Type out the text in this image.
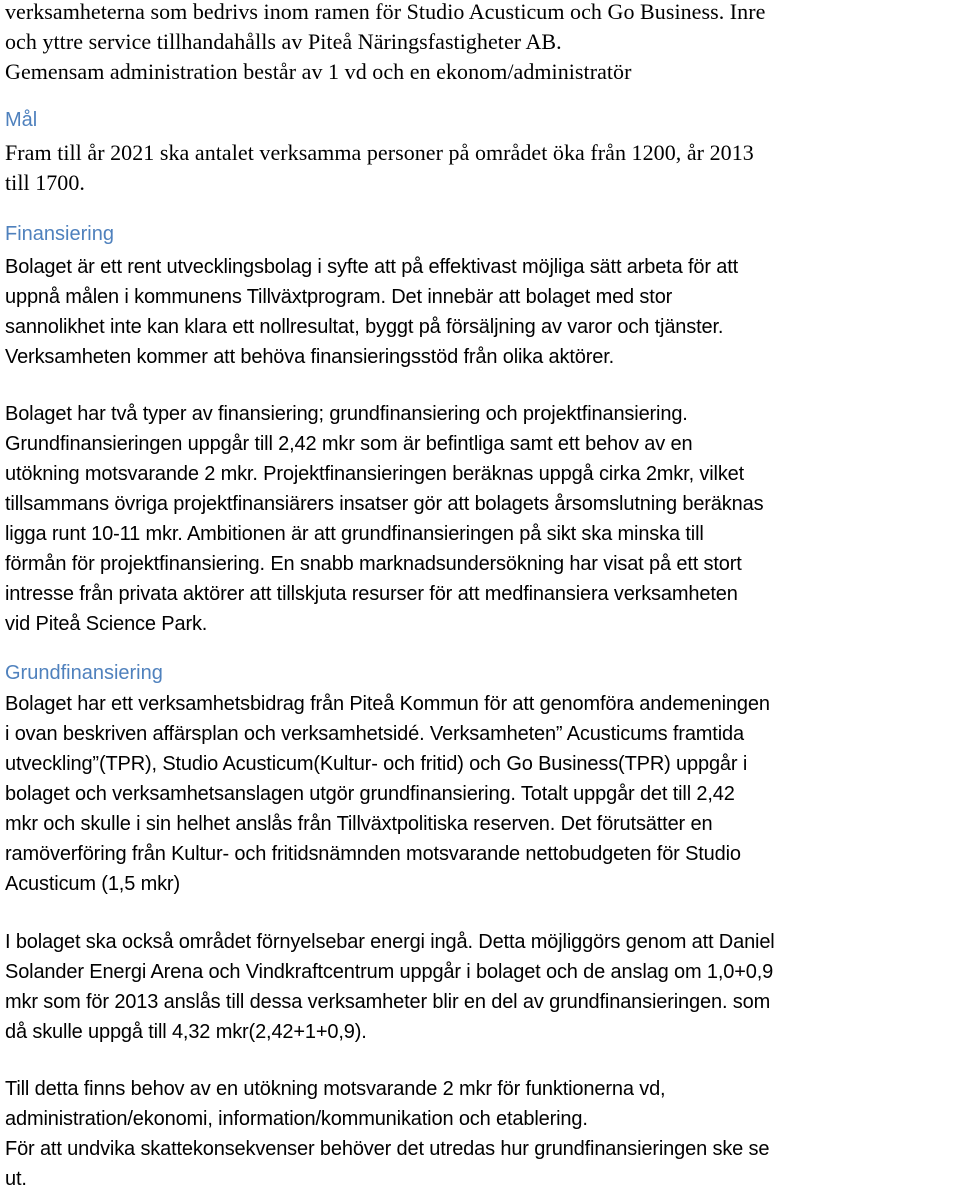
verksamheterna som bedrivs inom ramen för Studio Acusticum och Go Business. Inre
och yttre service tillhandahålls av Piteå Näringsfastigheter AB.
Gemensam administration består av 1 vd och en ekonom/administratör

Mål

Fram till år 2021 ska antalet verksamma personer på området öka från 1200, år 2013
till 1700.

Finansiering

Bolaget är ett rent utvecklingsbolag i syfte att på effektivast möjliga sätt arbeta för att
uppnå målen i kommunens Tillväxtprogram. Det innebär att bolaget med stor
sannolikhet inte kan klara ett nollresultat, byggt på försäljning av varor och tjänster.
Verksamheten kommer att behöva finansieringsstöd från olika aktörer.

Bolaget har två typer av finansiering; grundfinansiering och projektfinansiering.
Grundfinansieringen uppgår till 2,42 mkr som är befintliga samt ett behov av en
utökning motsvarande 2 mkr. Projektfinansieringen beräknas uppgå cirka 2mkr, vilket
tillsammans övriga projektfinansiärers insatser gör att bolagets årsomslutning beräknas
ligga runt 10-11 mkr. Ambitionen är att grundfinansieringen på sikt ska minska till
förmån för projektfinansiering. En snabb marknadsundersökning har visat på ett stort
intresse från privata aktörer att tillskjuta resurser för att medfinansiera verksamheten
vid Piteå Science Park.

Grundfinansiering

Bolaget har ett verksamhetsbidrag från Piteå Kommun för att genomföra andemeningen
i ovan beskriven affärsplan och verksamhetsidé. Verksamheten” Acusticums framtida
utveckling”(TPR), Studio Acusticum(Kultur- och fritid) och Go Business(TPR) uppgår i
bolaget och verksamhetsanslagen utgör grundfinansiering. Totalt uppgår det till 2,42
mkr och skulle i sin helhet anslås från Tillväxtpolitiska reserven. Det förutsätter en
ramöverföring från Kultur- och fritidsnämnden motsvarande nettobudgeten för Studio
Acusticum (1,5 mkr)

I bolaget ska också området förnyelsebar energi ingå. Detta möjliggörs genom att Daniel
Solander Energi Arena och Vindkraftcentrum uppgår i bolaget och de anslag om 1,0+0,9
mkr som för 2013 anslås till dessa verksamheter blir en del av grundfinansieringen. som
då skulle uppgå till 4,32 mkr(2,42+1+0,9).

Till detta finns behov av en utökning motsvarande 2 mkr för funktionerna vd,
administration/ekonomi, information/kommunikation och etablering.
För att undvika skattekonsekvenser behöver det utredas hur grundfinansieringen ske se
ut.
